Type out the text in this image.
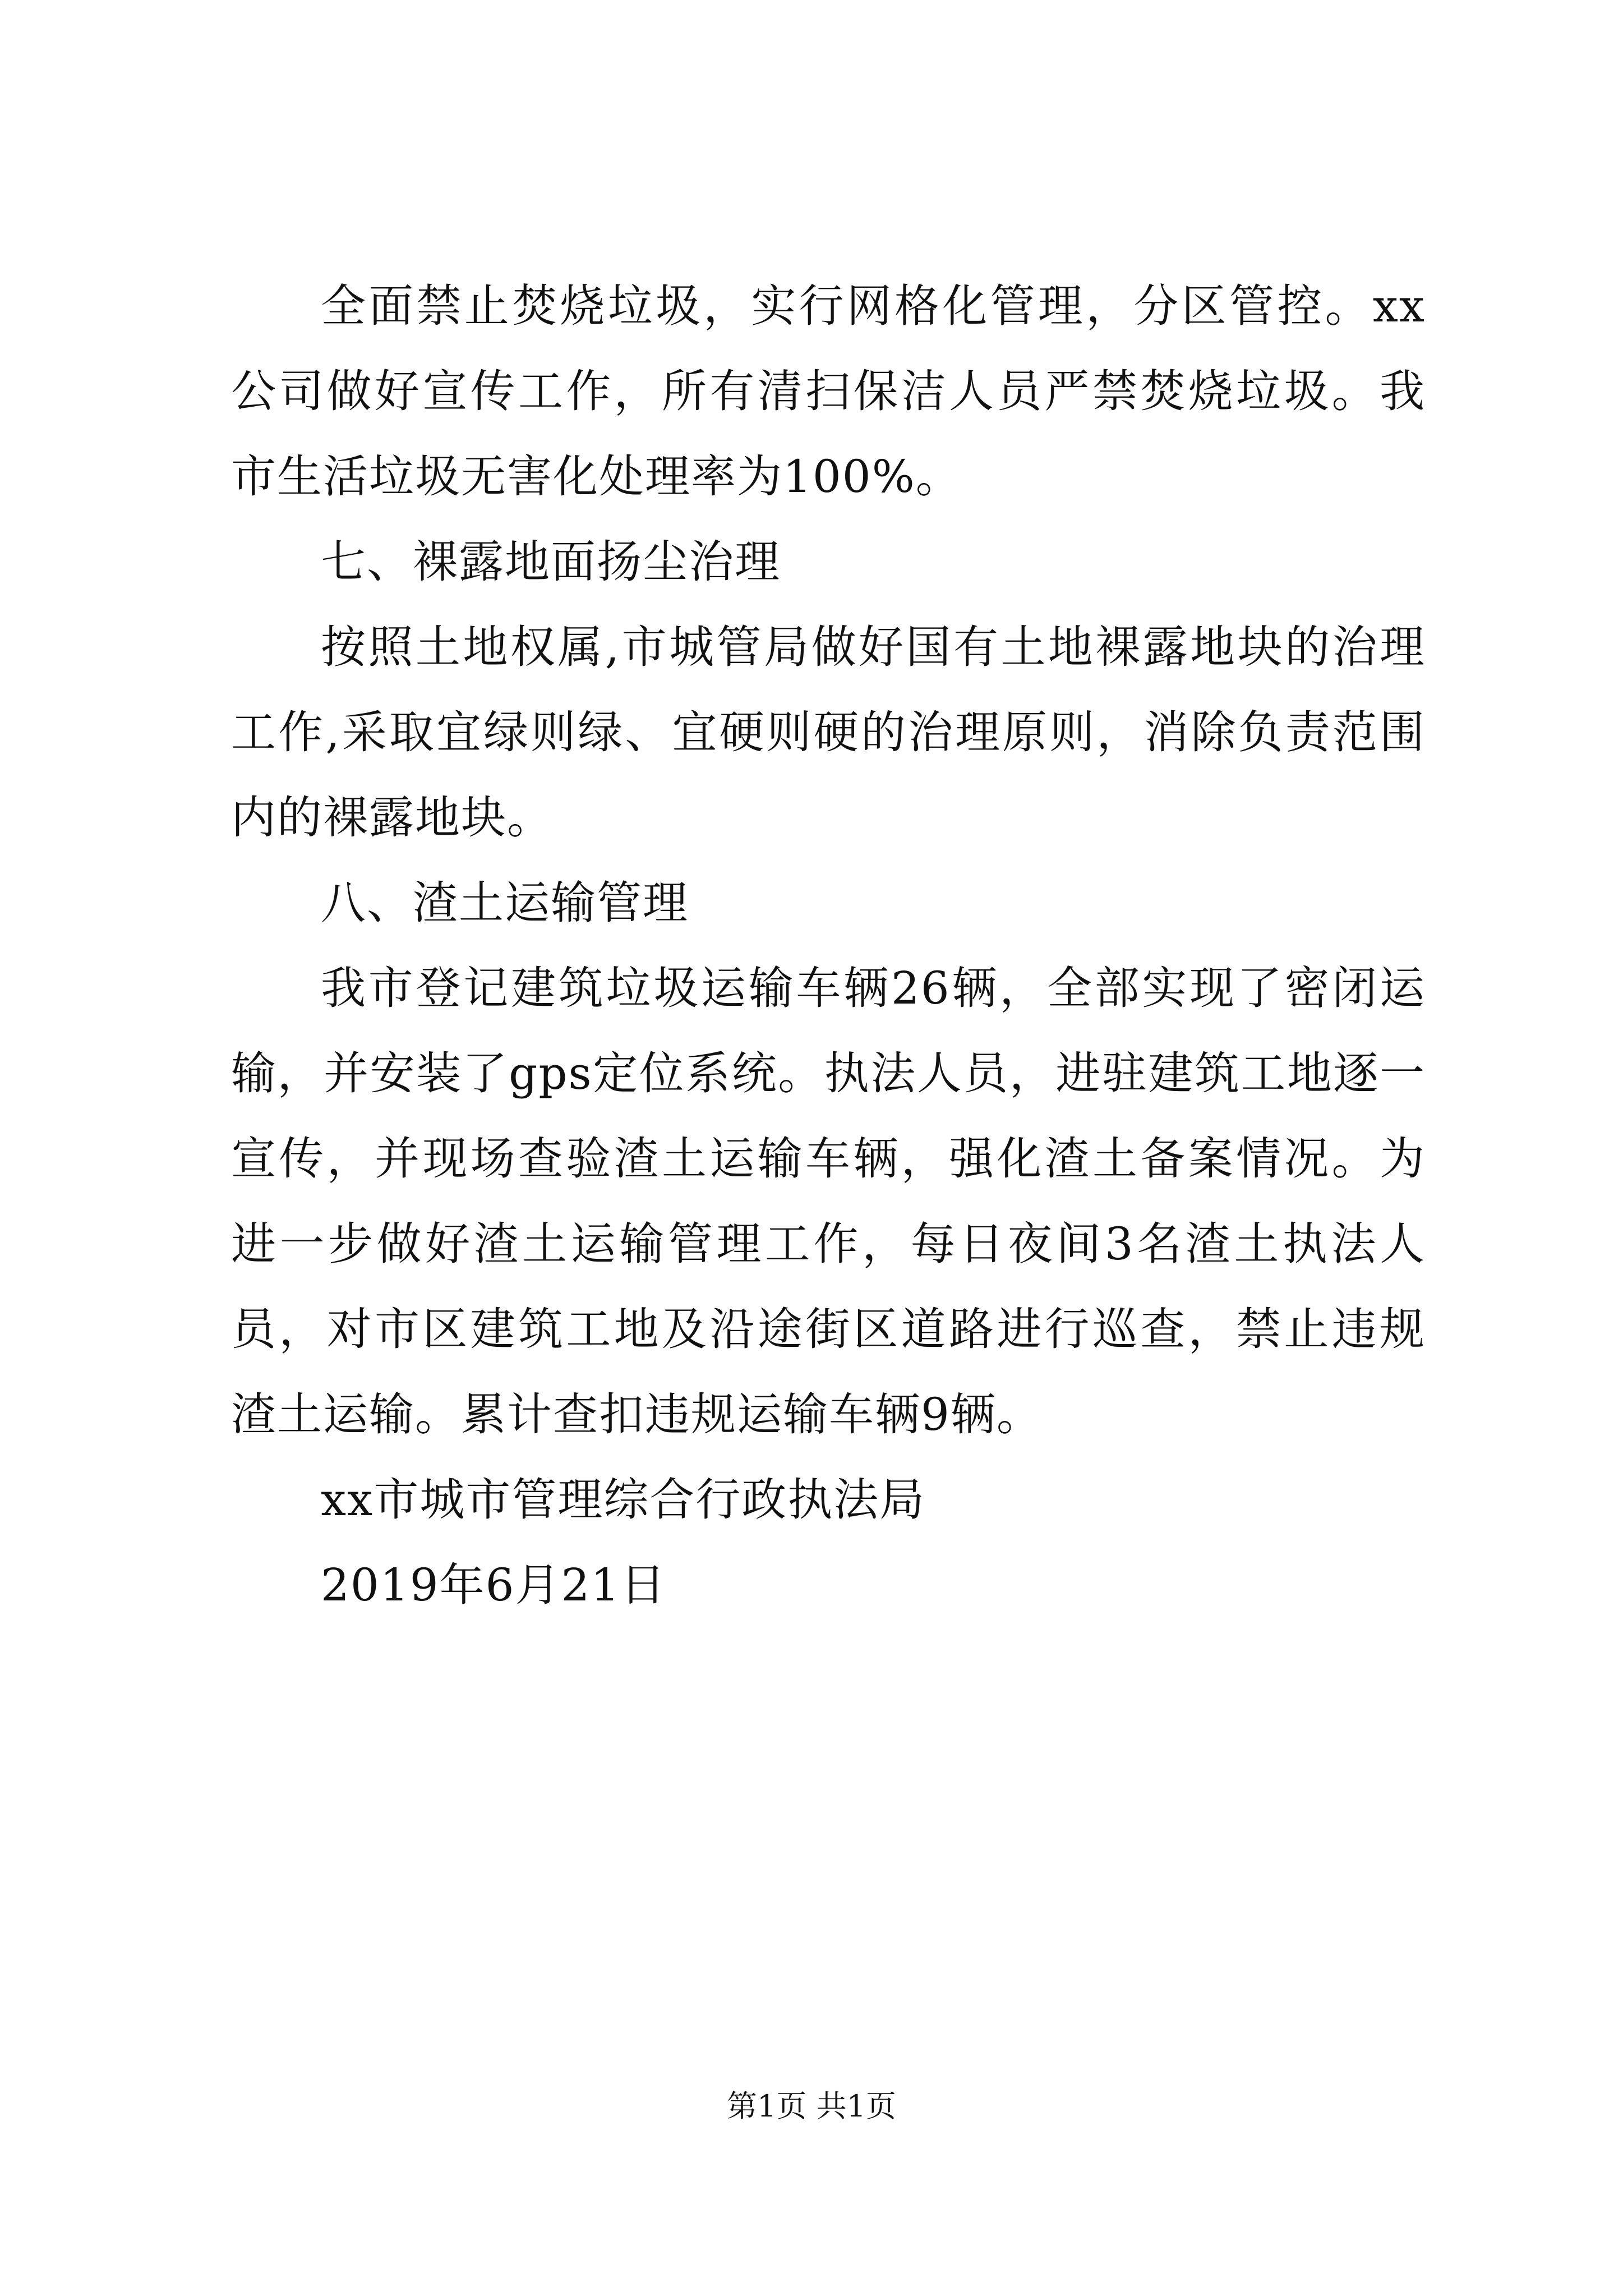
全面禁止焚烧垃圾，实行网格化管理，分区管控。xx公司做好宣传工作，所有清扫保洁人员严禁焚烧垃圾。我市生活垃圾无害化处理率为100%。

七、裸露地面扬尘治理

按照土地权属,市城管局做好国有土地裸露地块的治理工作,采取宜绿则绿、宜硬则硬的治理原则，消除负责范围内的裸露地块。

八、渣土运输管理

我市登记建筑垃圾运输车辆26辆，全部实现了密闭运输，并安装了gps定位系统。执法人员，进驻建筑工地逐一宣传，并现场查验渣土运输车辆，强化渣土备案情况。为进一步做好渣土运输管理工作，每日夜间3名渣土执法人员，对市区建筑工地及沿途街区道路进行巡查，禁止违规渣土运输。累计查扣违规运输车辆9辆。

xx市城市管理综合行政执法局

2019年6月21日

第1页 共1页
